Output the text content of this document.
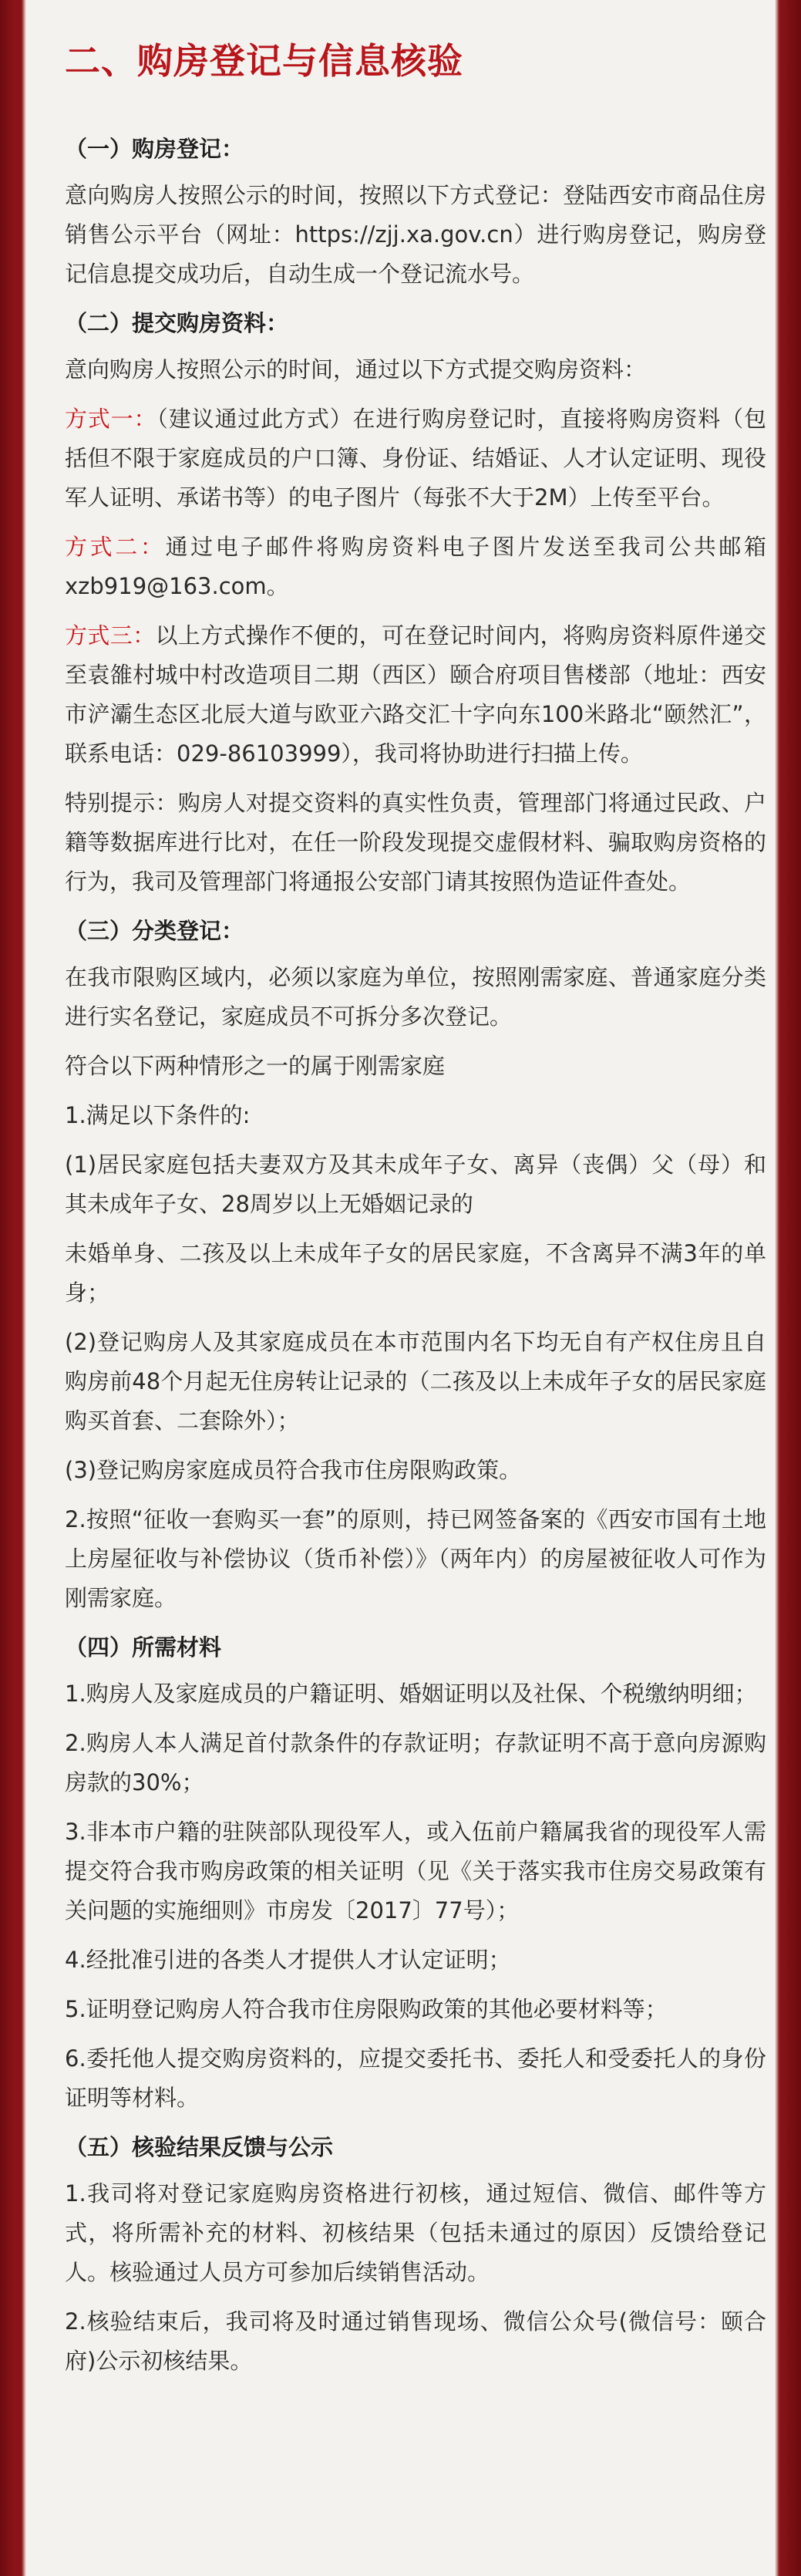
二、购房登记与信息核验
（一）购房登记：

意向购房人按照公示的时间，按照以下方式登记：登陆西安市商品住房销售公示平台（网址：https://zjj.xa.gov.cn）进行购房登记，购房登记信息提交成功后，自动生成一个登记流水号。

（二）提交购房资料：

意向购房人按照公示的时间，通过以下方式提交购房资料：

方式一：（建议通过此方式）在进行购房登记时，直接将购房资料（包括但不限于家庭成员的户口簿、身份证、结婚证、人才认定证明、现役军人证明、承诺书等）的电子图片（每张不大于2M）上传至平台。

方式二：通过电子邮件将购房资料电子图片发送至我司公共邮箱xzb919@163.com。

方式三：以上方式操作不便的，可在登记时间内，将购房资料原件递交至袁雒村城中村改造项目二期（西区）颐合府项目售楼部（地址：西安市浐灞生态区北辰大道与欧亚六路交汇十字向东100米路北“颐然汇”，联系电话：029-86103999），我司将协助进行扫描上传。

特别提示：购房人对提交资料的真实性负责，管理部门将通过民政、户籍等数据库进行比对，在任一阶段发现提交虚假材料、骗取购房资格的行为，我司及管理部门将通报公安部门请其按照伪造证件查处。

（三）分类登记：

在我市限购区域内，必须以家庭为单位，按照刚需家庭、普通家庭分类进行实名登记，家庭成员不可拆分多次登记。

符合以下两种情形之一的属于刚需家庭

1.满足以下条件的:

(1)居民家庭包括夫妻双方及其未成年子女、离异（丧偶）父（母）和其未成年子女、28周岁以上无婚姻记录的

未婚单身、二孩及以上未成年子女的居民家庭，不含离异不满3年的单身；

(2)登记购房人及其家庭成员在本市范围内名下均无自有产权住房且自购房前48个月起无住房转让记录的（二孩及以上未成年子女的居民家庭购买首套、二套除外）；

(3)登记购房家庭成员符合我市住房限购政策。

2.按照“征收一套购买一套”的原则，持已网签备案的《西安市国有土地上房屋征收与补偿协议（货币补偿）》（两年内）的房屋被征收人可作为刚需家庭。

（四）所需材料

1.购房人及家庭成员的户籍证明、婚姻证明以及社保、个税缴纳明细；

2.购房人本人满足首付款条件的存款证明；存款证明不高于意向房源购房款的30%；

3.非本市户籍的驻陕部队现役军人，或入伍前户籍属我省的现役军人需提交符合我市购房政策的相关证明（见《关于落实我市住房交易政策有关问题的实施细则》市房发〔2017〕77号）；

4.经批准引进的各类人才提供人才认定证明；

5.证明登记购房人符合我市住房限购政策的其他必要材料等；

6.委托他人提交购房资料的，应提交委托书、委托人和受委托人的身份证明等材料。

（五）核验结果反馈与公示

1.我司将对登记家庭购房资格进行初核，通过短信、微信、邮件等方式，将所需补充的材料、初核结果（包括未通过的原因）反馈给登记人。核验通过人员方可参加后续销售活动。

2.核验结束后，我司将及时通过销售现场、微信公众号(微信号：颐合府)公示初核结果。
